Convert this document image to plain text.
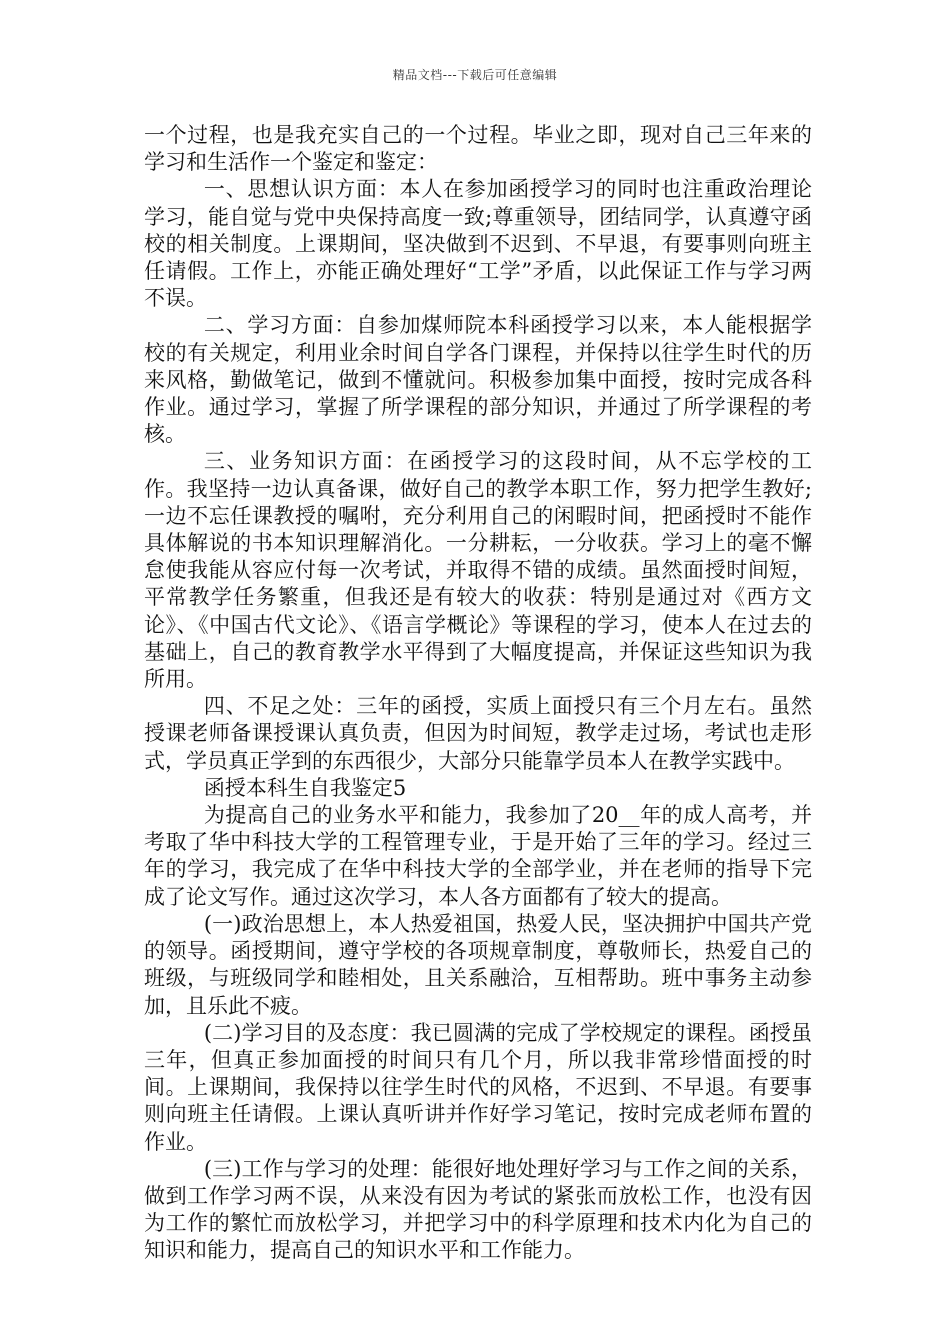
精品文档---下载后可任意编辑

一个过程，也是我充实自己的一个过程。毕业之即，现对自己三年来的学习和生活作一个鉴定和鉴定：

一、思想认识方面：本人在参加函授学习的同时也注重政治理论学习，能自觉与党中央保持高度一致;尊重领导，团结同学，认真遵守函校的相关制度。上课期间，坚决做到不迟到、不早退，有要事则向班主任请假。工作上，亦能正确处理好“工学”矛盾，以此保证工作与学习两不误。

二、学习方面：自参加煤师院本科函授学习以来，本人能根据学校的有关规定，利用业余时间自学各门课程，并保持以往学生时代的历来风格，勤做笔记，做到不懂就问。积极参加集中面授，按时完成各科作业。通过学习，掌握了所学课程的部分知识，并通过了所学课程的考核。

三、业务知识方面：在函授学习的这段时间，从不忘学校的工作。我坚持一边认真备课，做好自己的教学本职工作，努力把学生教好;一边不忘任课教授的嘱咐，充分利用自己的闲暇时间，把函授时不能作具体解说的书本知识理解消化。一分耕耘，一分收获。学习上的毫不懈怠使我能从容应付每一次考试，并取得不错的成绩。虽然面授时间短，平常教学任务繁重，但我还是有较大的收获：特别是通过对《西方文论》、《中国古代文论》、《语言学概论》等课程的学习，使本人在过去的基础上，自己的教育教学水平得到了大幅度提高，并保证这些知识为我所用。

四、不足之处：三年的函授，实质上面授只有三个月左右。虽然授课老师备课授课认真负责，但因为时间短，教学走过场，考试也走形式，学员真正学到的东西很少，大部分只能靠学员本人在教学实践中。

函授本科生自我鉴定5

为提高自己的业务水平和能力，我参加了20__年的成人高考，并考取了华中科技大学的工程管理专业，于是开始了三年的学习。经过三年的学习，我完成了在华中科技大学的全部学业，并在老师的指导下完成了论文写作。通过这次学习，本人各方面都有了较大的提高。

(一)政治思想上，本人热爱祖国，热爱人民，坚决拥护中国共产党的领导。函授期间，遵守学校的各项规章制度，尊敬师长，热爱自己的班级，与班级同学和睦相处，且关系融洽，互相帮助。班中事务主动参加，且乐此不疲。

(二)学习目的及态度：我已圆满的完成了学校规定的课程。函授虽三年，但真正参加面授的时间只有几个月，所以我非常珍惜面授的时间。上课期间，我保持以往学生时代的风格，不迟到、不早退。有要事则向班主任请假。上课认真听讲并作好学习笔记，按时完成老师布置的作业。

(三)工作与学习的处理：能很好地处理好学习与工作之间的关系，做到工作学习两不误，从来没有因为考试的紧张而放松工作，也没有因为工作的繁忙而放松学习，并把学习中的科学原理和技术内化为自己的知识和能力，提高自己的知识水平和工作能力。
